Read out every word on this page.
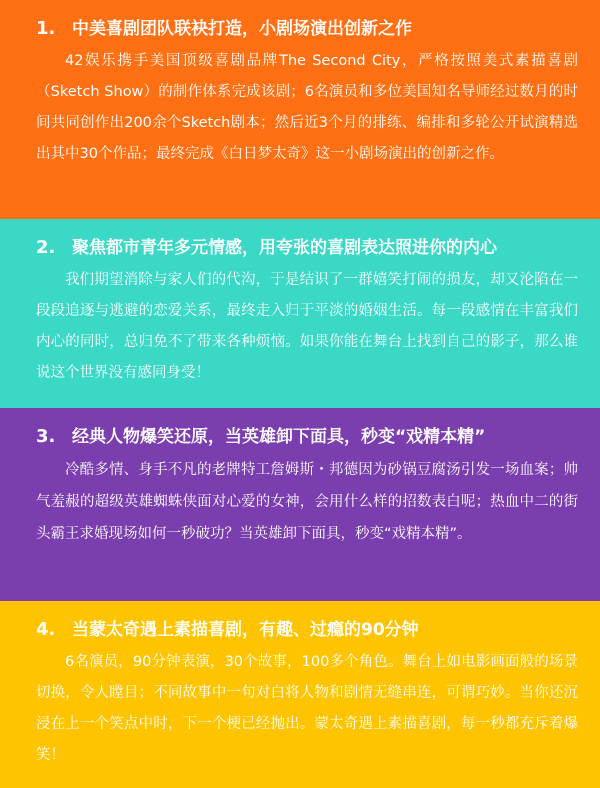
1. 中美喜剧团队联袂打造，小剧场演出创新之作

42娱乐携手美国顶级喜剧品牌The Second City，严格按照美式素描喜剧（Sketch Show）的制作体系完成该剧；6名演员和多位美国知名导师经过数月的时间共同创作出200余个Sketch剧本；然后近3个月的排练、编排和多轮公开试演精选出其中30个作品；最终完成《白日梦太奇》这一小剧场演出的创新之作。

2. 聚焦都市青年多元情感，用夸张的喜剧表达照进你的内心

我们期望消除与家人们的代沟，于是结识了一群嬉笑打闹的损友，却又沦陷在一段段追逐与逃避的恋爱关系，最终走入归于平淡的婚姻生活。每一段感情在丰富我们内心的同时，总归免不了带来各种烦恼。如果你能在舞台上找到自己的影子，那么谁说这个世界没有感同身受！

3. 经典人物爆笑还原，当英雄卸下面具，秒变“戏精本精”

冷酷多情、身手不凡的老牌特工詹姆斯・邦德因为砂锅豆腐汤引发一场血案；帅气羞赧的超级英雄蜘蛛侠面对心爱的女神，会用什么样的招数表白呢；热血中二的街头霸王求婚现场如何一秒破功？当英雄卸下面具，秒变“戏精本精”。

4. 当蒙太奇遇上素描喜剧，有趣、过瘾的90分钟

6名演员，90分钟表演，30个故事，100多个角色。舞台上如电影画面般的场景切换，令人瞠目；不同故事中一句对白将人物和剧情无缝串连，可谓巧妙。当你还沉浸在上一个笑点中时，下一个梗已经抛出。蒙太奇遇上素描喜剧，每一秒都充斥着爆笑！
